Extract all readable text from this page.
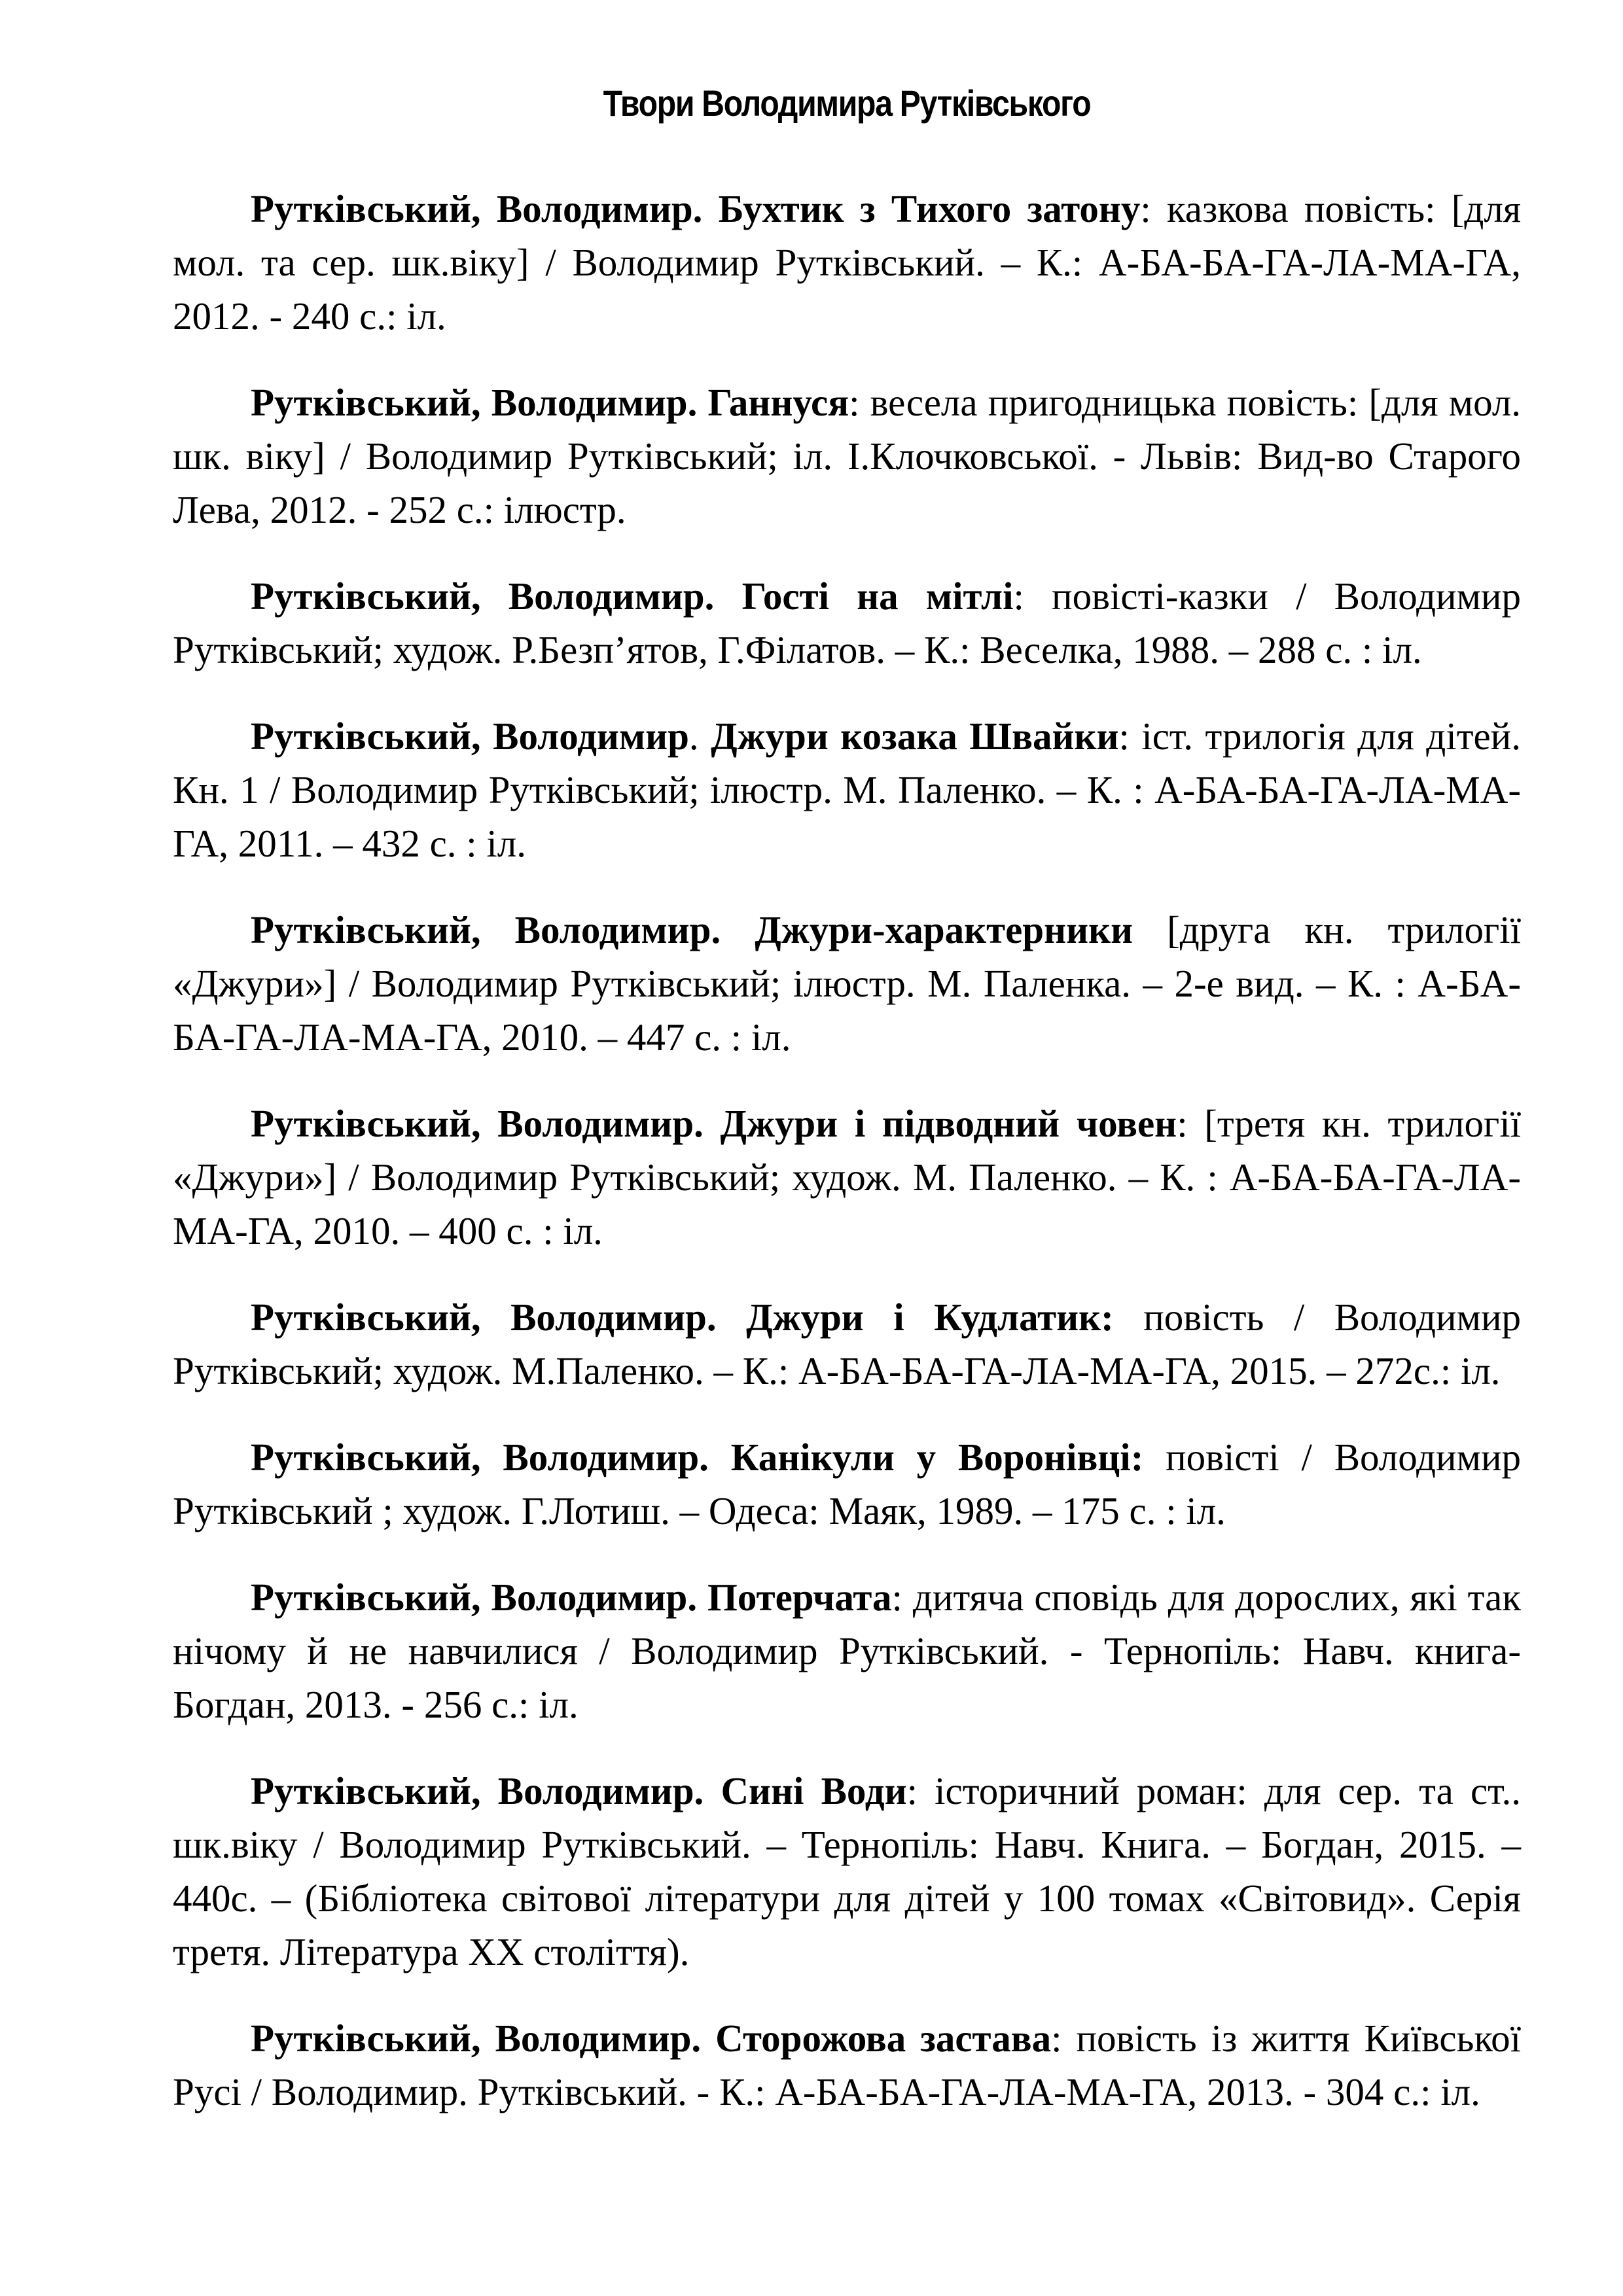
Твори Володимира Рутківського

Рутківський, Володимир. Бухтик з Тихого затону: казкова повість: [для мол. та сер. шк.віку] / Володимир Рутківський. – К.: А-БА-БА-ГА-ЛА-МА-ГА, 2012. - 240 с.: іл.

Рутківський, Володимир. Ганнуся: весела пригодницька повість: [для мол. шк. віку] / Володимир Рутківський; іл. І.Клочковської. - Львів: Вид-во Старого Лева, 2012. - 252 с.: ілюстр.

Рутківський, Володимир. Гості на мітлі: повісті-казки / Володимир Рутківський; худож. Р.Безп’ятов, Г.Філатов. – К.: Веселка, 1988. – 288 с. : іл.

Рутківський, Володимир. Джури козака Швайки: іст. трилогія для дітей. Кн. 1 / Володимир Рутківський; ілюстр. М. Паленко. – К. : А-БА-БА-ГА-ЛА-МА-ГА, 2011. – 432 с. : іл.

Рутківський, Володимир. Джури-характерники [друга кн. трилогії «Джури»] / Володимир Рутківський; ілюстр. М. Паленка. – 2-е вид. – К. : А-БА-БА-ГА-ЛА-МА-ГА, 2010. – 447 с. : іл.

Рутківський, Володимир. Джури і підводний човен: [третя кн. трилогії «Джури»] / Володимир Рутківський; худож. М. Паленко. – К. : А-БА-БА-ГА-ЛА-МА-ГА, 2010. – 400 с. : іл.

Рутківський, Володимир. Джури і Кудлатик: повість / Володимир Рутківський; худож. М.Паленко. – К.: А-БА-БА-ГА-ЛА-МА-ГА, 2015. – 272с.: іл.

Рутківський, Володимир. Канікули у Воронівці: повісті / Володимир Рутківський ; худож. Г.Лотиш. – Одеса: Маяк, 1989. – 175 с. : іл.

Рутківський, Володимир. Потерчата: дитяча сповідь для дорослих, які так нічому й не навчилися / Володимир Рутківський. - Тернопіль: Навч. книга-Богдан, 2013. - 256 с.: іл.

Рутківський, Володимир. Сині Води: історичний роман: для сер. та ст.. шк.віку / Володимир Рутківський. – Тернопіль: Навч. Книга. – Богдан, 2015. – 440с. – (Бібліотека світової літератури для дітей у 100 томах «Світовид». Серія третя. Література ХХ століття).

Рутківський, Володимир. Сторожова застава: повість із життя Київської Русі / Володимир. Рутківський. - К.: А-БА-БА-ГА-ЛА-МА-ГА, 2013. - 304 с.: іл.
